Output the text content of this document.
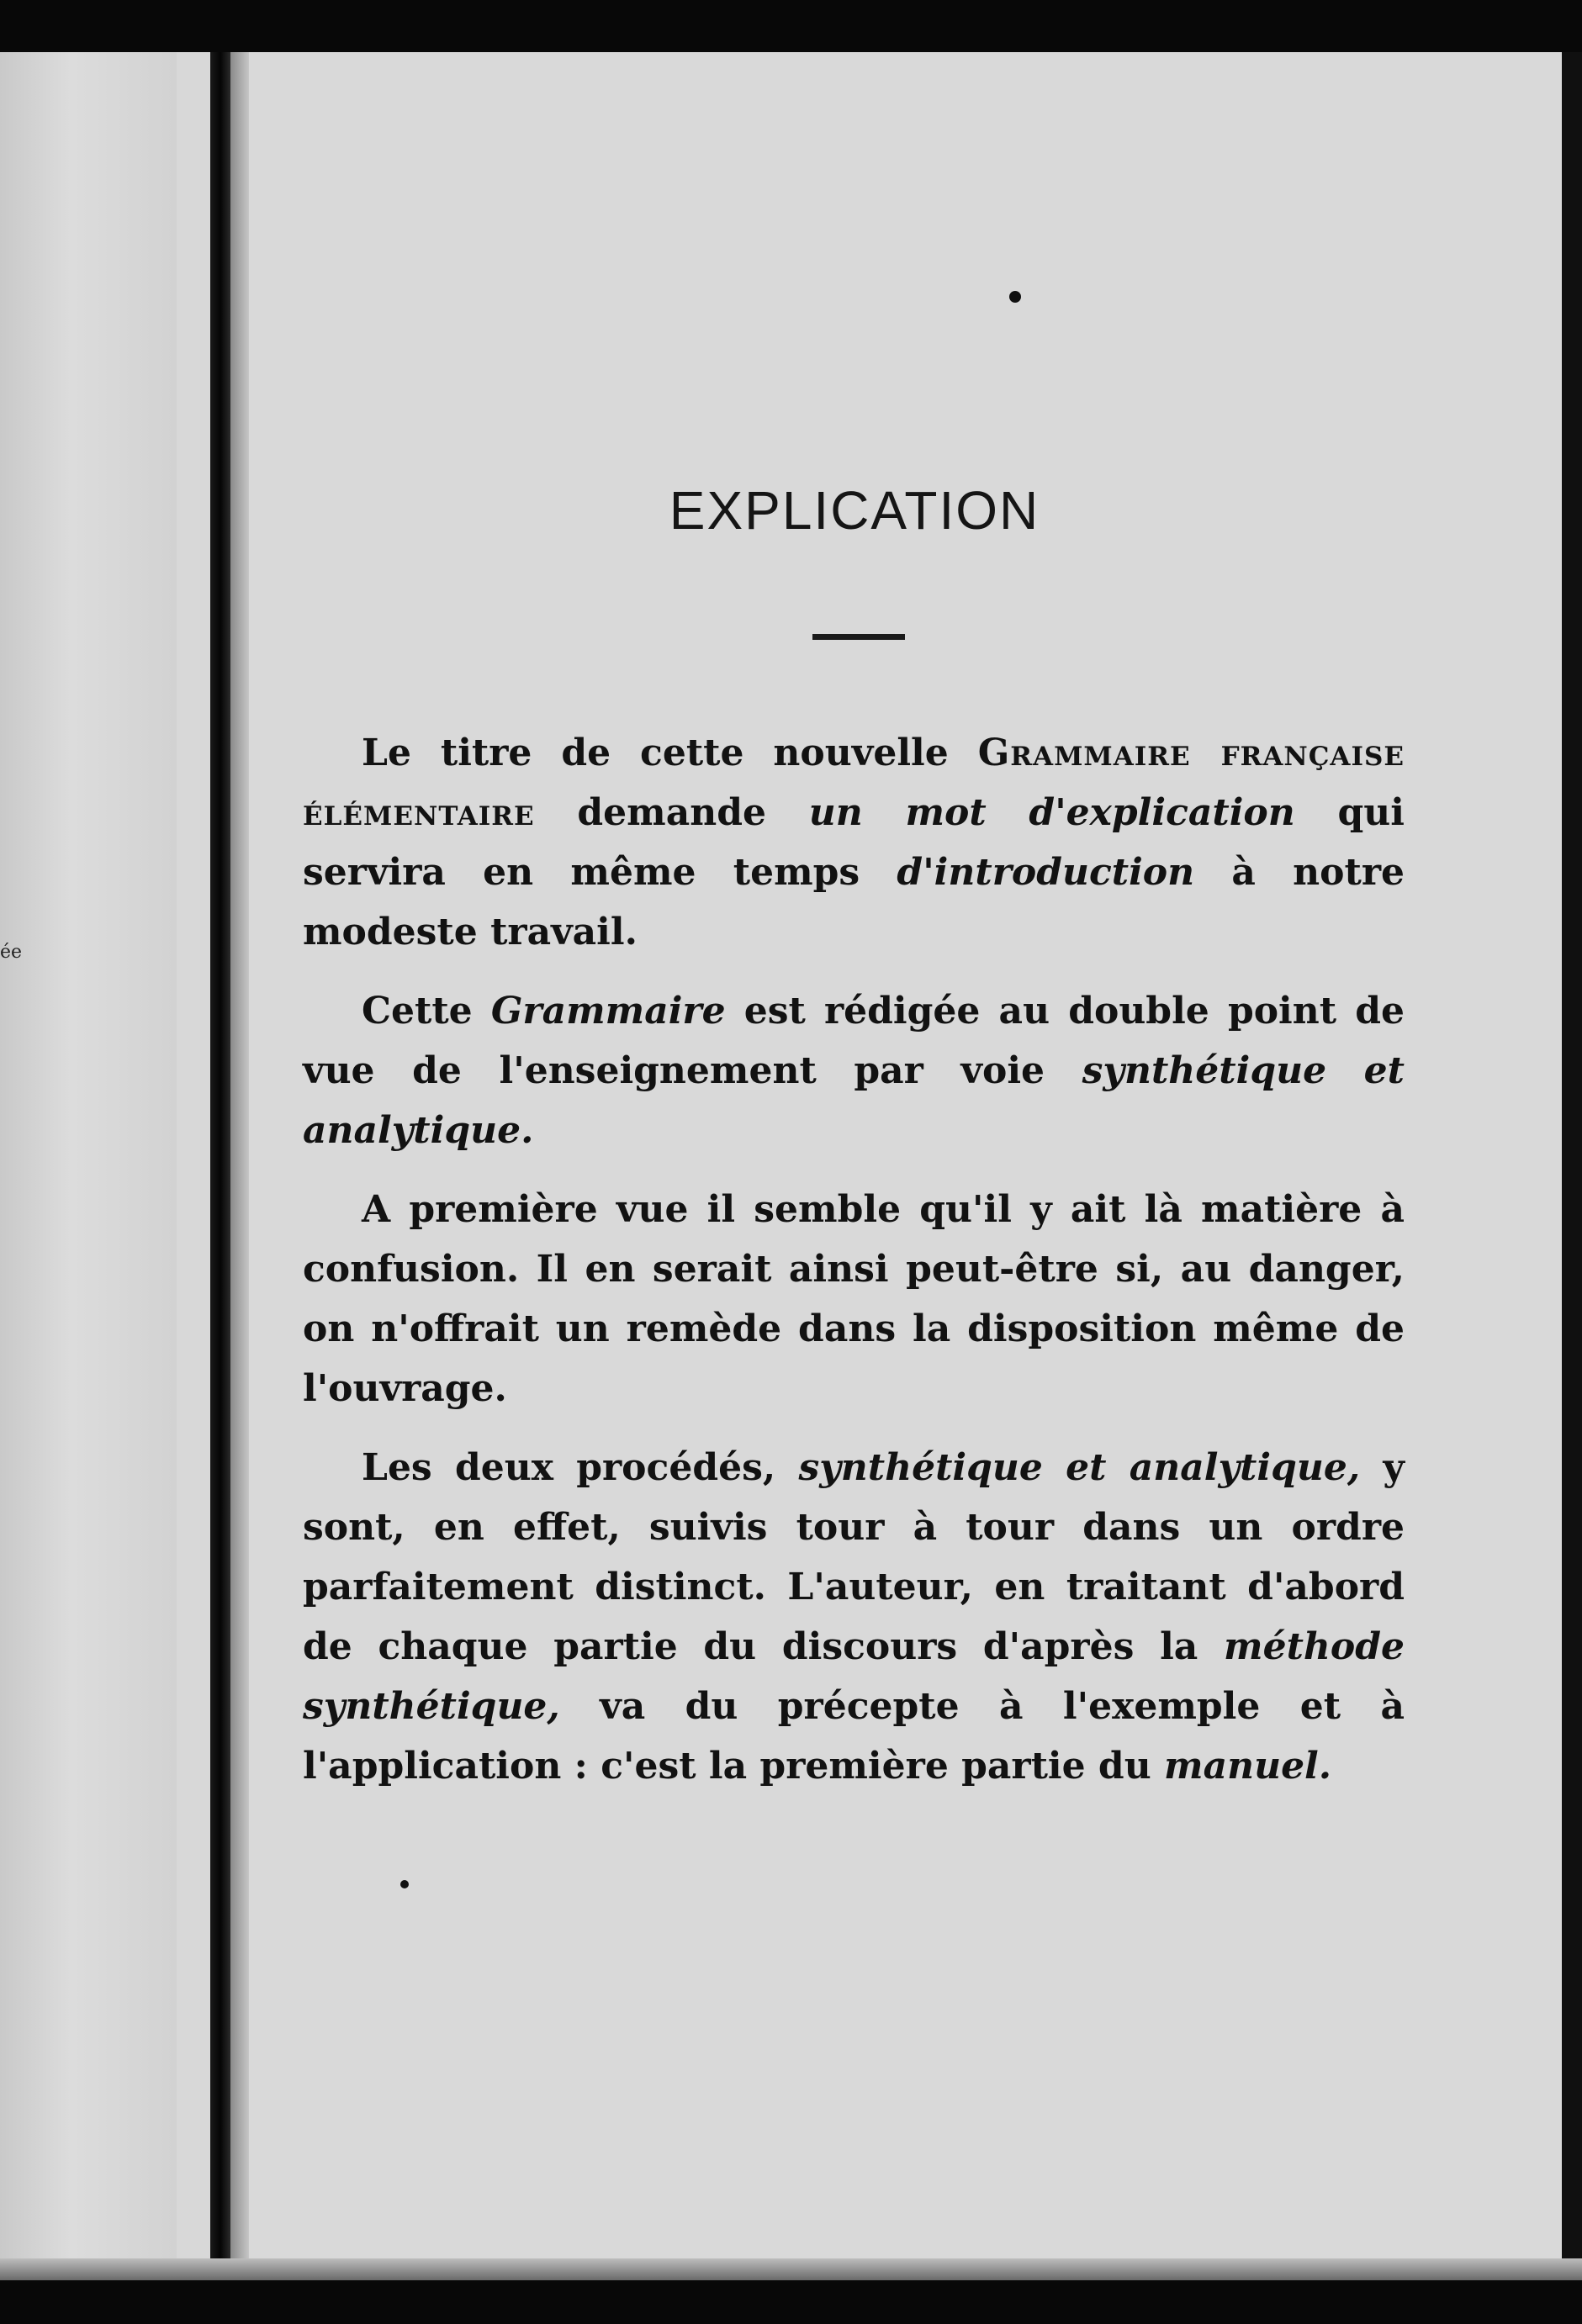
ée
EXPLICATION

Le titre de cette nouvelle Grammaire française élémentaire demande un mot d'explication qui servira en même temps d'introduction à notre modeste travail.

Cette Grammaire est rédigée au double point de vue de l'enseignement par voie synthétique et analytique.

A première vue il semble qu'il y ait là matière à confusion. Il en serait ainsi peut-être si, au danger, on n'offrait un remède dans la disposition même de l'ouvrage.

Les deux procédés, synthétique et analytique, y sont, en effet, suivis tour à tour dans un ordre parfaitement distinct. L'auteur, en traitant d'abord de chaque partie du discours d'après la méthode synthétique, va du précepte à l'exemple et à l'application : c'est la première partie du manuel.
